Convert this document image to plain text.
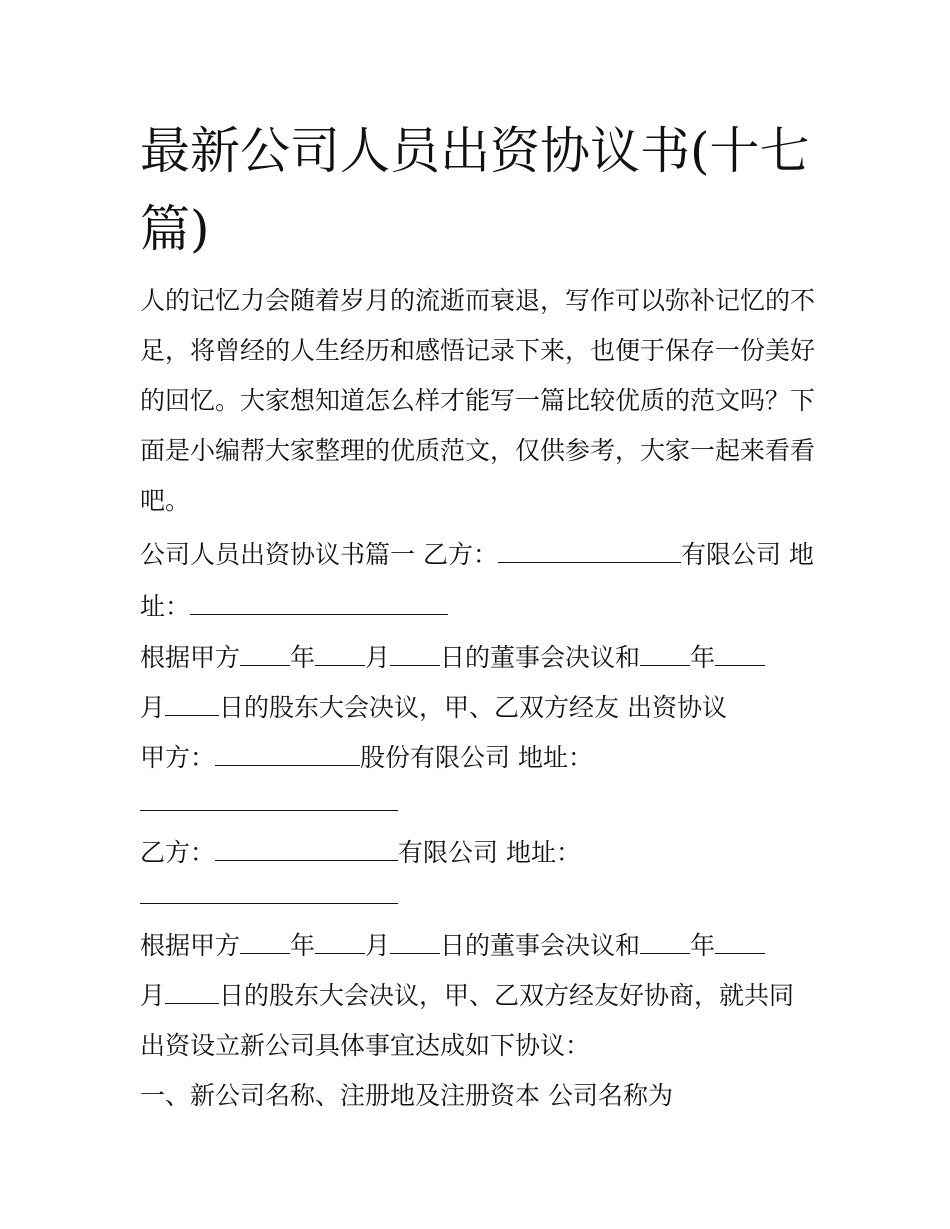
最新公司人员出资协议书(十七篇)

人的记忆力会随着岁月的流逝而衰退，写作可以弥补记忆的不

足，将曾经的人生经历和感悟记录下来，也便于保存一份美好

的回忆。大家想知道怎么样才能写一篇比较优质的范文吗？下

面是小编帮大家整理的优质范文，仅供参考，大家一起来看看

吧。

公司人员出资协议书篇一 乙方：	有限公司 地

址：

根据甲方 年 月 日的董事会决议和 年

月 日的股东大会决议，甲、乙双方经友 出资协议

甲方：	股份有限公司 地址：

乙方：	有限公司 地址：

根据甲方 年 月 日的董事会决议和 年

月 日的股东大会决议，甲、乙双方经友好协商，就共同

出资设立新公司具体事宜达成如下协议：

一、新公司名称、注册地及注册资本 公司名称为
